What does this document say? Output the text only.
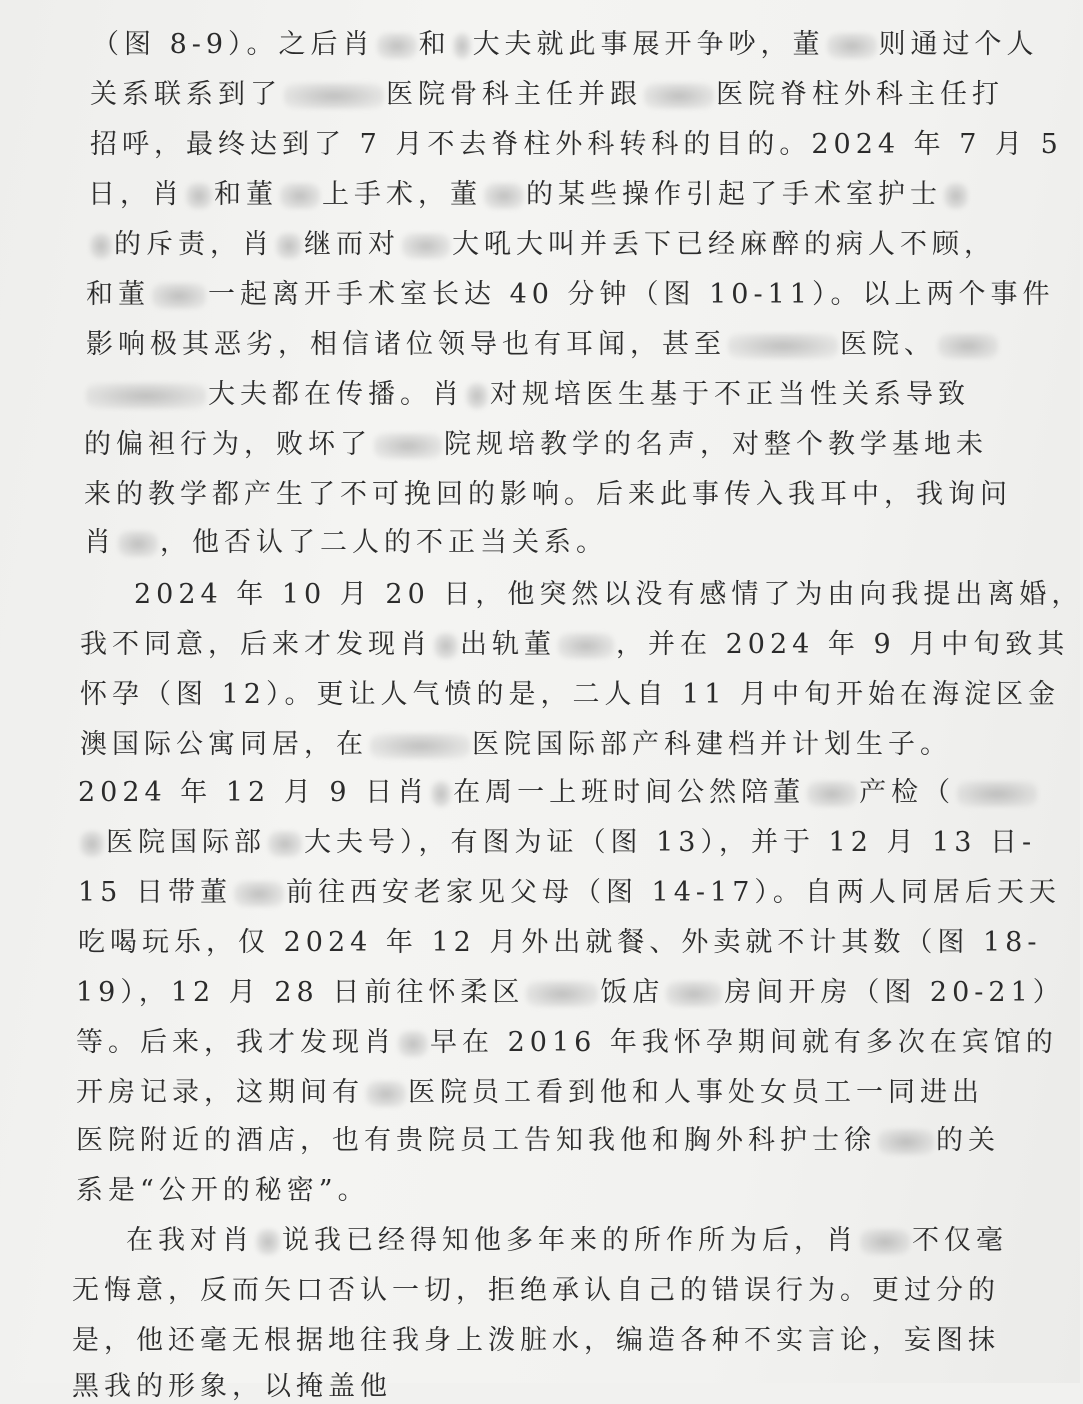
（图 8-9）。之后肖 和 大夫就此事展开争吵，董 则通过个人
关系联系到了	医院骨科主任并跟	医院脊柱外科主任打
招呼，最终达到了 7 月不去脊柱外科转科的目的。2024 年 7 月 5
日，肖 和董 上手术，董 的某些操作引起了手术室护士
的斥责，肖 继而对 大吼大叫并丢下已经麻醉的病人不顾，
和董 一起离开手术室长达 40 分钟（图 10-11）。以上两个事件
影响极其恶劣，相信诸位领导也有耳闻，甚至	医院、
大夫都在传播。肖 对规培医生基于不正当性关系导致
的偏袒行为，败坏了	院规培教学的名声，对整个教学基地未
来的教学都产生了不可挽回的影响。后来此事传入我耳中，我询问
肖 ，他否认了二人的不正当关系。
2024 年 10 月 20 日，他突然以没有感情了为由向我提出离婚，
我不同意，后来才发现肖 出轨董 ，并在 2024 年 9 月中旬致其
怀孕（图 12）。更让人气愤的是，二人自 11 月中旬开始在海淀区金
澳国际公寓同居，在	医院国际部产科建档并计划生子。
2024 年 12 月 9 日肖 在周一上班时间公然陪董 产检（
医院国际部 大夫号），有图为证（图 13），并于 12 月 13 日-
15 日带董 前往西安老家见父母（图 14-17）。自两人同居后天天
吃喝玩乐，仅 2024 年 12 月外出就餐、外卖就不计其数（图 18-
19），12 月 28 日前往怀柔区	饭店 房间开房（图 20-21）
等。后来，我才发现肖 早在 2016 年我怀孕期间就有多次在宾馆的
开房记录，这期间有 医院员工看到他和人事处女员工一同进出
医院附近的酒店，也有贵院员工告知我他和胸外科护士徐 的关
系是“公开的秘密”。
在我对肖 说我已经得知他多年来的所作所为后，肖 不仅毫
无悔意，反而矢口否认一切，拒绝承认自己的错误行为。更过分的
是，他还毫无根据地往我身上泼脏水，编造各种不实言论，妄图抹
黑我的形象，以掩盖他
